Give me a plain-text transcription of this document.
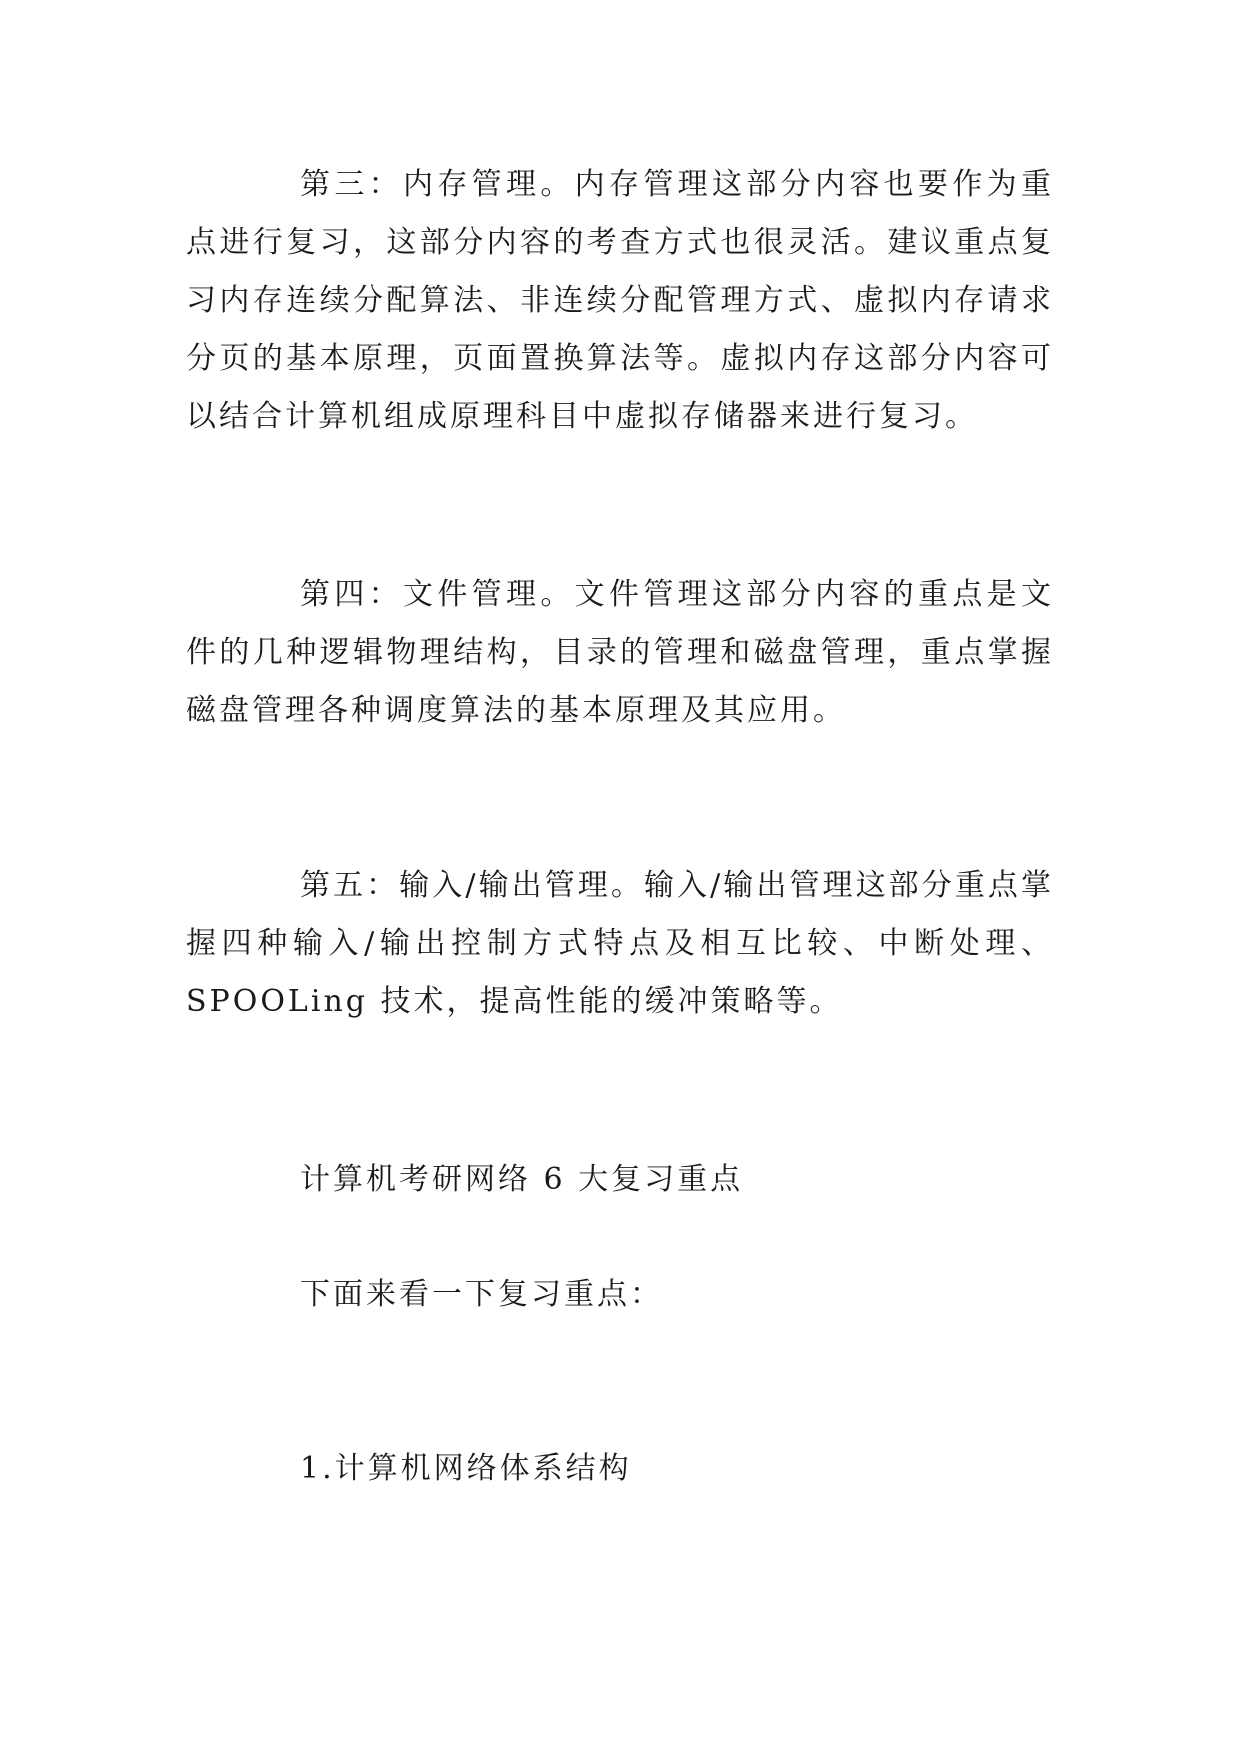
第三：内存管理。内存管理这部分内容也要作为重点进行复习，这部分内容的考查方式也很灵活。建议重点复习内存连续分配算法、非连续分配管理方式、虚拟内存请求分页的基本原理，页面置换算法等。虚拟内存这部分内容可以结合计算机组成原理科目中虚拟存储器来进行复习。

第四：文件管理。文件管理这部分内容的重点是文件的几种逻辑物理结构，目录的管理和磁盘管理，重点掌握磁盘管理各种调度算法的基本原理及其应用。

第五：输入/输出管理。输入/输出管理这部分重点掌握四种输入/输出控制方式特点及相互比较、中断处理、SPOOLing 技术，提高性能的缓冲策略等。

计算机考研网络 6 大复习重点

下面来看一下复习重点：

1.计算机网络体系结构
